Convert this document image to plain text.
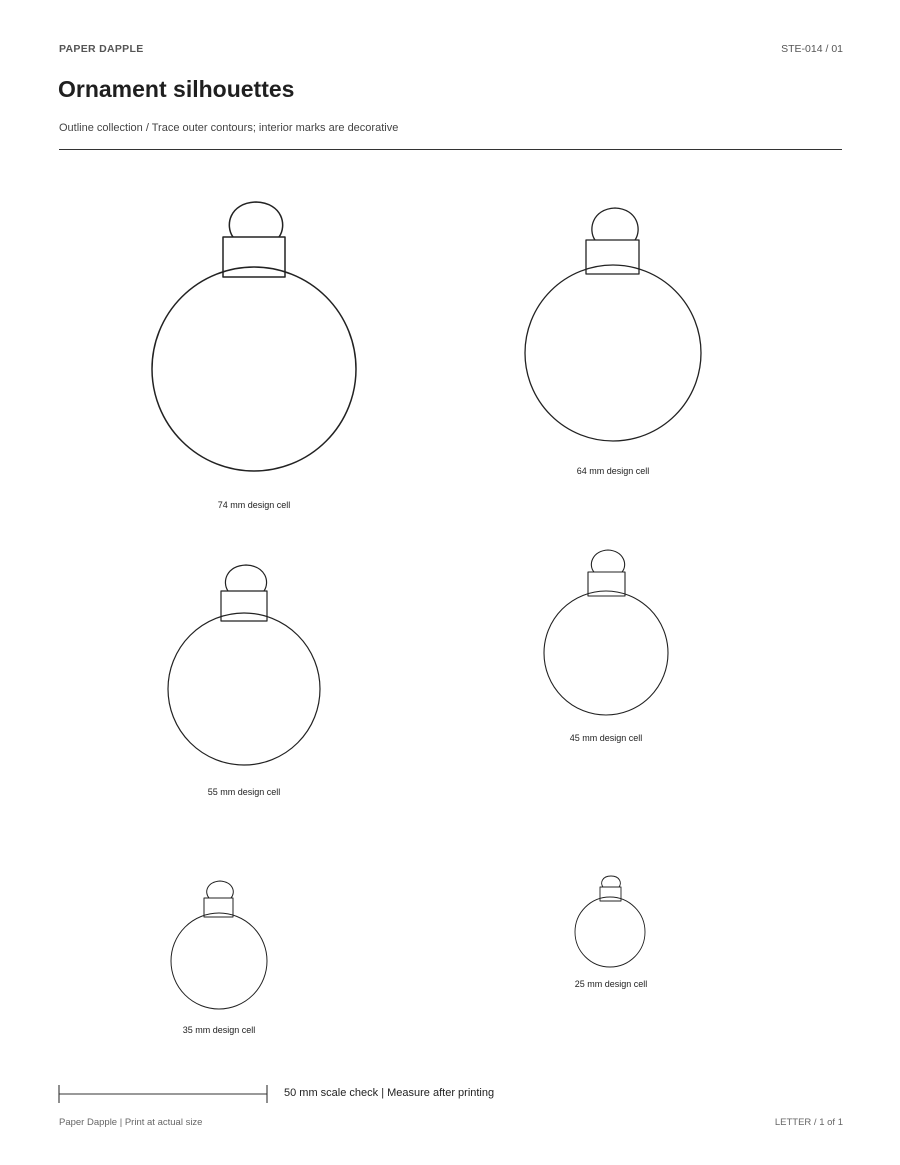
PAPER DAPPLE	STE-014 / 01
Ornament silhouettes
Outline collection / Trace outer contours; interior marks are decorative
74 mm design cell
64 mm design cell
55 mm design cell
45 mm design cell
35 mm design cell
25 mm design cell
50 mm scale check | Measure after printing
Paper Dapple | Print at actual size	LETTER / 1 of 1
